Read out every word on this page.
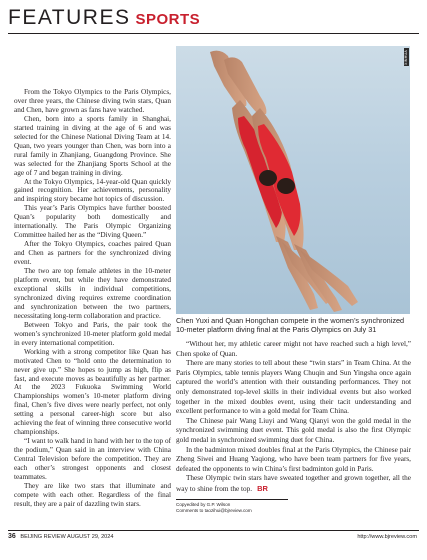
FEATURES SPORTS

From the Tokyo Olympics to the Paris Olympics, over three years, the Chinese diving twin stars, Quan and Chen, have grown as fans have watched.

Chen, born into a sports family in Shanghai, started training in diving at the age of 6 and was selected for the Chinese National Diving Team at 14. Quan, two years younger than Chen, was born into a rural family in Zhanjiang, Guangdong Province. She was selected for the Zhanjiang Sports School at the age of 7 and began training in diving.

At the Tokyo Olympics, 14-year-old Quan quickly gained recognition. Her achievements, personality and inspiring story became hot topics of discussion.

This year’s Paris Olympics have further boosted Quan’s popularity both domestically and internationally. The Paris Olympic Organizing Committee hailed her as the “Diving Queen.”

After the Tokyo Olympics, coaches paired Quan and Chen as partners for the synchronized diving event.

The two are top female athletes in the 10-meter platform event, but while they have demonstrated exceptional skills in individual competitions, synchronized diving requires extreme coordination and synchronization between the two partners, necessitating long-term collaboration and practice.

Between Tokyo and Paris, the pair took the women’s synchronized 10-meter platform gold medal in every international competition.

Working with a strong competitor like Quan has motivated Chen to “hold onto the determination to never give up.” She hopes to jump as high, flip as fast, and execute moves as beautifully as her partner. At the 2023 Fukuoka Swimming World Championships women’s 10-meter platform diving final, Chen’s five dives were nearly perfect, not only setting a personal career-high score but also achieving the feat of winning three consecutive world championships.

“I want to walk hand in hand with her to the top of the podium,” Quan said in an interview with China Central Television before the competition. They are each other’s strongest opponents and closest teammates.

They are like two stars that illuminate and compete with each other. Regardless of the final result, they are a pair of dazzling twin stars.

XINHUA
Chen Yuxi and Quan Hongchan compete in the women’s synchronized 10-meter platform diving final at the Paris Olympics on July 31

“Without her, my athletic career might not have reached such a high level,” Chen spoke of Quan.

There are many stories to tell about these “twin stars” in Team China. At the Paris Olympics, table tennis players Wang Chuqin and Sun Yingsha once again captured the world’s attention with their outstanding performances. They not only demonstrated top-level skills in their individual events but also worked together in the mixed doubles event, using their tacit understanding and excellent performance to win a gold medal for Team China.

The Chinese pair Wang Liuyi and Wang Qianyi won the gold medal in the synchronized swimming duet event. This gold medal is also the first Olympic gold medal in synchronized swimming duet for China.

In the badminton mixed doubles final at the Paris Olympics, the Chinese pair Zheng Siwei and Huang Yaqiong, who have been team partners for five years, defeated the opponents to win China’s first badminton gold in Paris.

These Olympic twin stars have sweated together and grown together, all the way to shine from the top. BR

Copyedited by G.P. Wilson
Comments to taozihui@bjreview.com
36 BEIJING REVIEW AUGUST 29, 2024	http://www.bjreview.com
